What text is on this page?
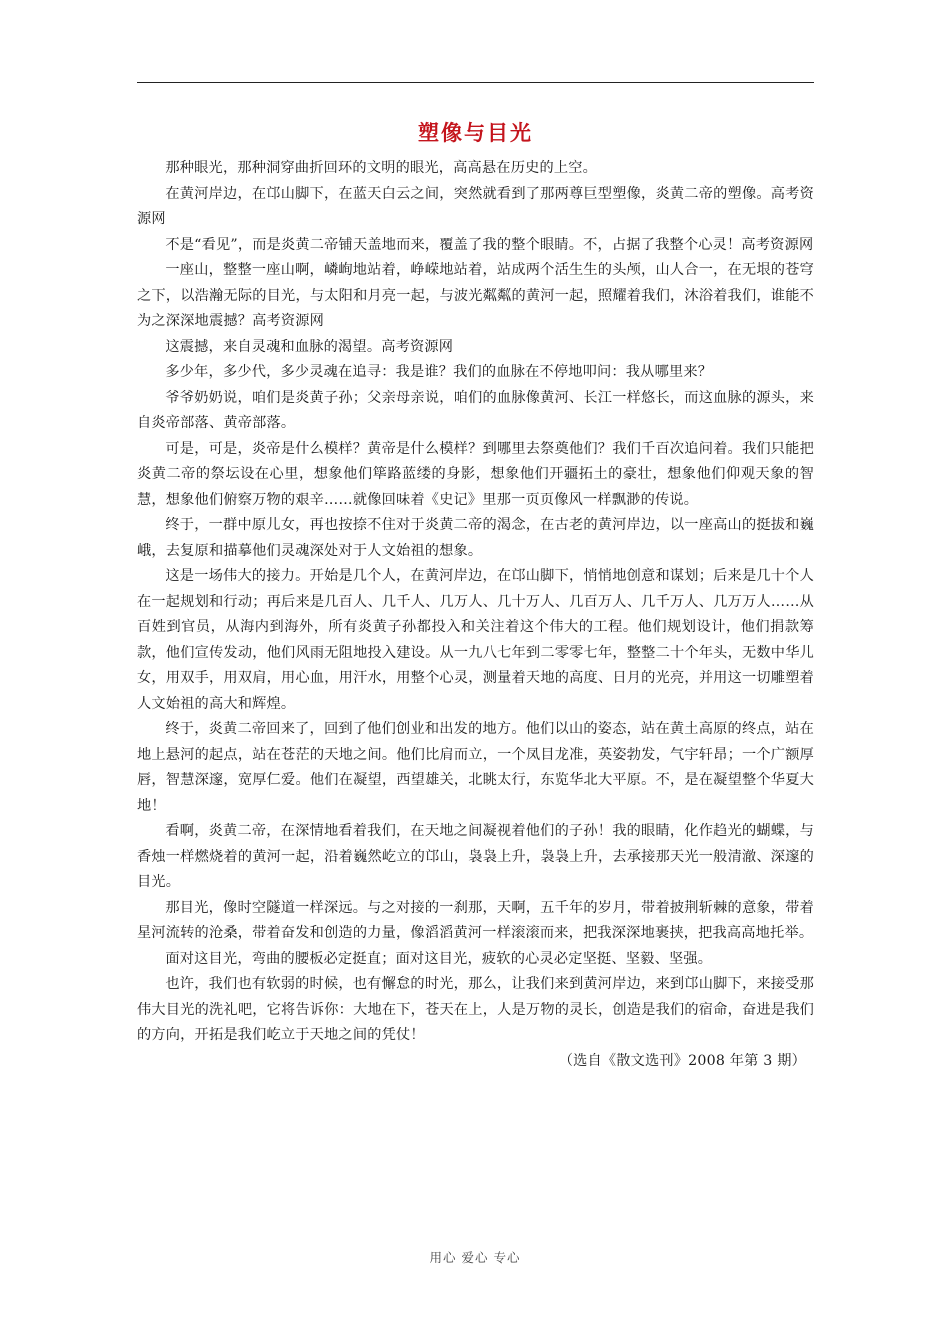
塑像与目光

那种眼光，那种洞穿曲折回环的文明的眼光，高高悬在历史的上空。

在黄河岸边，在邙山脚下，在蓝天白云之间，突然就看到了那两尊巨型塑像，炎黄二帝的塑像。高考资源网

不是“看见”，而是炎黄二帝铺天盖地而来，覆盖了我的整个眼睛。不，占据了我整个心灵！高考资源网

一座山，整整一座山啊，嶙峋地站着，峥嵘地站着，站成两个活生生的头颅，山人合一，在无垠的苍穹之下，以浩瀚无际的目光，与太阳和月亮一起，与波光粼粼的黄河一起，照耀着我们，沐浴着我们，谁能不为之深深地震撼？高考资源网

这震撼，来自灵魂和血脉的渴望。高考资源网

多少年，多少代，多少灵魂在追寻：我是谁？我们的血脉在不停地叩问：我从哪里来？

爷爷奶奶说，咱们是炎黄子孙；父亲母亲说，咱们的血脉像黄河、长江一样悠长，而这血脉的源头，来自炎帝部落、黄帝部落。

可是，可是，炎帝是什么模样？黄帝是什么模样？到哪里去祭奠他们？我们千百次追问着。我们只能把炎黄二帝的祭坛设在心里，想象他们筚路蓝缕的身影，想象他们开疆拓土的豪壮，想象他们仰观天象的智慧，想象他们俯察万物的艰辛……就像回味着《史记》里那一页页像风一样飘渺的传说。

终于，一群中原儿女，再也按捺不住对于炎黄二帝的渴念，在古老的黄河岸边，以一座高山的挺拔和巍峨，去复原和描摹他们灵魂深处对于人文始祖的想象。

这是一场伟大的接力。开始是几个人，在黄河岸边，在邙山脚下，悄悄地创意和谋划；后来是几十个人在一起规划和行动；再后来是几百人、几千人、几万人、几十万人、几百万人、几千万人、几万万人……从百姓到官员，从海内到海外，所有炎黄子孙都投入和关注着这个伟大的工程。他们规划设计，他们捐款筹款，他们宣传发动，他们风雨无阻地投入建设。从一九八七年到二零零七年，整整二十个年头，无数中华儿女，用双手，用双肩，用心血，用汗水，用整个心灵，测量着天地的高度、日月的光亮，并用这一切雕塑着人文始祖的高大和辉煌。

终于，炎黄二帝回来了，回到了他们创业和出发的地方。他们以山的姿态，站在黄土高原的终点，站在地上悬河的起点，站在苍茫的天地之间。他们比肩而立，一个凤目龙准，英姿勃发，气宇轩昂；一个广额厚唇，智慧深邃，宽厚仁爱。他们在凝望，西望雄关，北眺太行，东览华北大平原。不，是在凝望整个华夏大地！

看啊，炎黄二帝，在深情地看着我们，在天地之间凝视着他们的子孙！我的眼睛，化作趋光的蝴蝶，与香烛一样燃烧着的黄河一起，沿着巍然屹立的邙山，袅袅上升，袅袅上升，去承接那天光一般清澈、深邃的目光。

那目光，像时空隧道一样深远。与之对接的一刹那，天啊，五千年的岁月，带着披荆斩棘的意象，带着星河流转的沧桑，带着奋发和创造的力量，像滔滔黄河一样滚滚而来，把我深深地裹挟，把我高高地托举。

面对这目光，弯曲的腰板必定挺直；面对这目光，疲软的心灵必定坚挺、坚毅、坚强。

也许，我们也有软弱的时候，也有懈怠的时光，那么，让我们来到黄河岸边，来到邙山脚下，来接受那伟大目光的洗礼吧，它将告诉你：大地在下，苍天在上，人是万物的灵长，创造是我们的宿命，奋进是我们的方向，开拓是我们屹立于天地之间的凭仗！

（选自《散文选刊》2008 年第 3 期）

用心 爱心 专心
